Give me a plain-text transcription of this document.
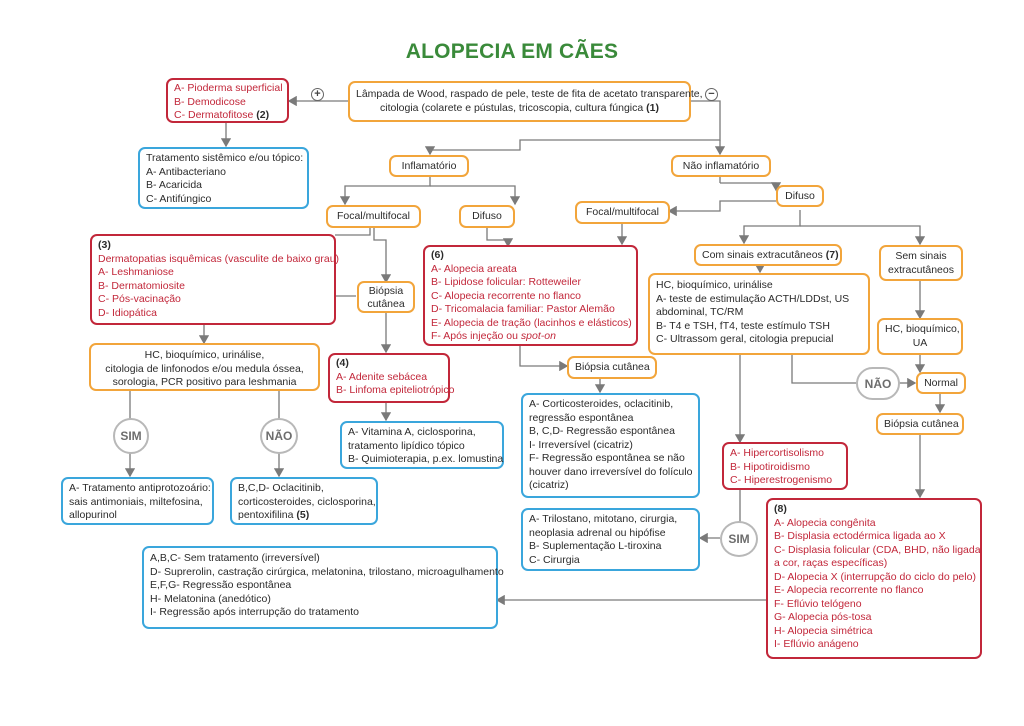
ALOPECIA EM CÃES
+	−
Lâmpada de Wood, raspado de pele, teste de fita de acetato transparente,
citologia (colarete e pústulas, tricoscopia, cultura fúngica (1)
A- Pioderma superficial
B- Demodicose
C- Dermatofitose (2)
Tratamento sistêmico e/ou tópico:
A- Antibacteriano
B- Acaricida
C- Antifúngico
Inflamatório	Não inflamatório
Focal/multifocal	Difuso	Focal/multifocal
Difuso
(3)
Dermatopatias isquêmicas (vasculite de baixo grau)
A- Leshmaniose
B- Dermatomiosite
C- Pós-vacinação
D- Idiopática
Biópsia
cutânea
(6)
A- Alopecia areata
B- Lipidose folicular: Rotteweiler
C- Alopecia recorrente no flanco
D- Tricomalacia familiar: Pastor Alemão
E- Alopecia de tração (lacinhos e elásticos)
F- Após injeção ou spot-on
Com sinais extracutâneos (7)	Sem sinais
extracutâneos
HC, bioquímico, urinálise
A- teste de estimulação ACTH/LDDst, US
abdominal, TC/RM
B- T4 e TSH, fT4, teste estímulo TSH
C- Ultrassom geral, citologia prepucial
HC, bioquímico,
UA
HC, bioquímico, urinálise,
citologia de linfonodos e/ou medula óssea,
sorologia, PCR positivo para leshmania
(4)
A- Adenite sebácea
B- Linfoma epiteliotrópico
Biópsia cutânea
NÃO	Normal
Biópsia cutânea
SIM	NÃO	A- Vitamina A, ciclosporina,
tratamento lipídico tópico
B- Quimioterapia, p.ex. lomustina
A- Corticosteroides, oclacitinib,
regressão espontânea
B, C,D- Regressão espontânea
I- Irreversível (cicatriz)
F- Regressão espontânea se não
houver dano irreversível do folículo
(cicatriz)
A- Hipercortisolismo
B- Hipotiroidismo
C- Hiperestrogenismo
A- Tratamento antiprotozoário:
sais antimoniais, miltefosina,
allopurinol
B,C,D- Oclacitinib,
corticosteroides, ciclosporina,
pentoxifilina (5)	A- Trilostano, mitotano, cirurgia,
neoplasia adrenal ou hipófise
B- Suplementação L-tiroxina
C- Cirurgia
SIM
(8)
A- Alopecia congênita
B- Displasia ectodérmica ligada ao X
C- Displasia folicular (CDA, BHD, não ligada
a cor, raças específicas)
D- Alopecia X (interrupção do ciclo do pelo)
E- Alopecia recorrente no flanco
F- Eflúvio telógeno
G- Alopecia pós-tosa
H- Alopecia simétrica
I- Eflúvio anágeno
A,B,C- Sem tratamento (irreversível)
D- Suprerolin, castração cirúrgica, melatonina, trilostano, microagulhamento
E,F,G- Regressão espontânea
H- Melatonina (anedótico)
I- Regressão após interrupção do tratamento
